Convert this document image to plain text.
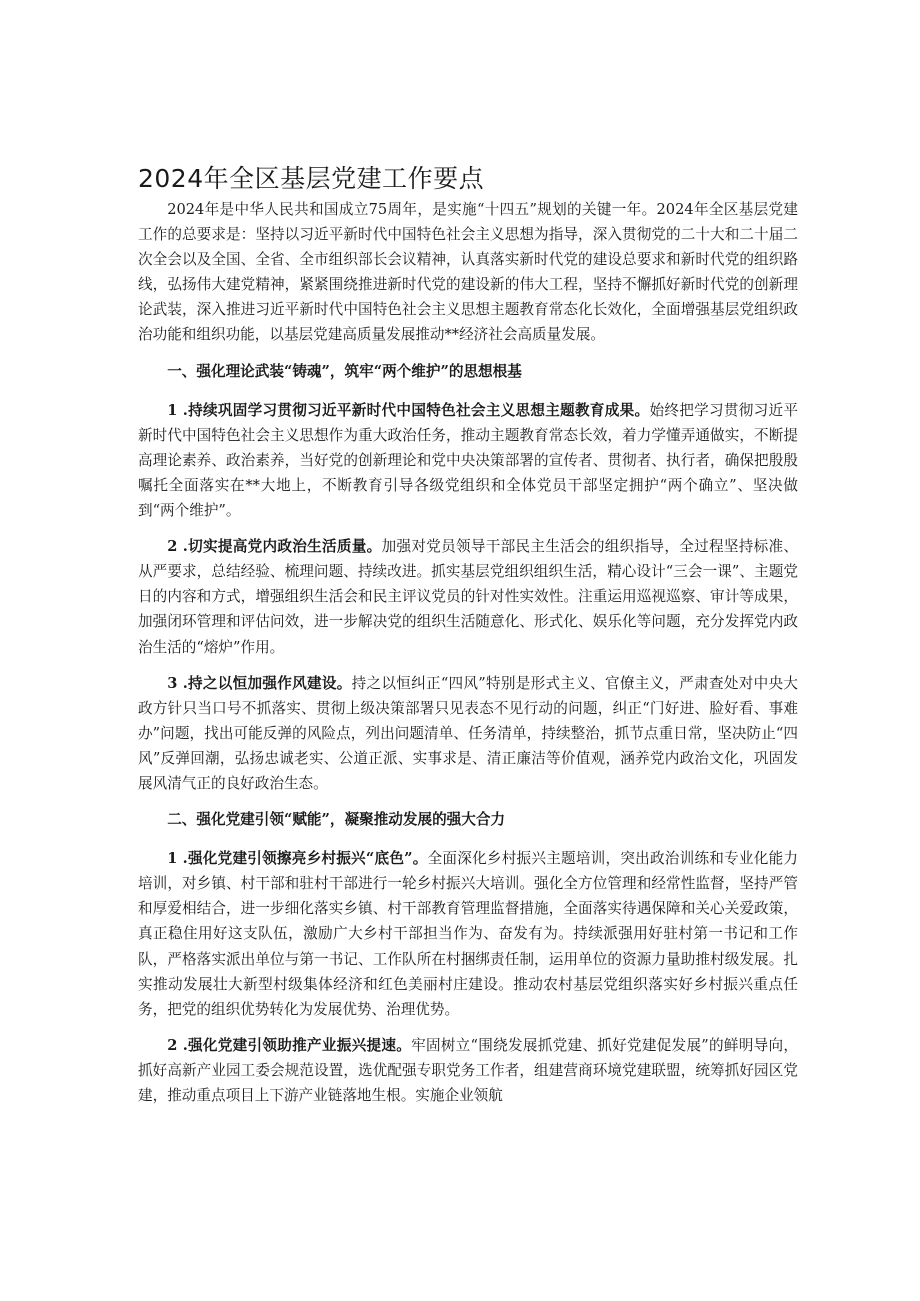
2024年全区基层党建工作要点

2024年是中华人民共和国成立75周年，是实施“十四五”规划的关键一年。2024年全区基层党建工作的总要求是：坚持以习近平新时代中国特色社会主义思想为指导，深入贯彻党的二十大和二十届二次全会以及全国、全省、全市组织部长会议精神，认真落实新时代党的建设总要求和新时代党的组织路线，弘扬伟大建党精神，紧紧围绕推进新时代党的建设新的伟大工程，坚持不懈抓好新时代党的创新理论武装，深入推进习近平新时代中国特色社会主义思想主题教育常态化长效化，全面增强基层党组织政治功能和组织功能，以基层党建高质量发展推动**经济社会高质量发展。

一、强化理论武装“铸魂”，筑牢“两个维护”的思想根基

1 .持续巩固学习贯彻习近平新时代中国特色社会主义思想主题教育成果。始终把学习贯彻习近平新时代中国特色社会主义思想作为重大政治任务，推动主题教育常态长效，着力学懂弄通做实，不断提高理论素养、政治素养，当好党的创新理论和党中央决策部署的宣传者、贯彻者、执行者，确保把殷殷嘱托全面落实在**大地上，不断教育引导各级党组织和全体党员干部坚定拥护“两个确立”、坚决做到“两个维护”。

2 .切实提高党内政治生活质量。加强对党员领导干部民主生活会的组织指导，全过程坚持标准、从严要求，总结经验、梳理问题、持续改进。抓实基层党组织组织生活，精心设计“三会一课”、主题党日的内容和方式，增强组织生活会和民主评议党员的针对性实效性。注重运用巡视巡察、审计等成果，加强闭环管理和评估问效，进一步解决党的组织生活随意化、形式化、娱乐化等问题，充分发挥党内政治生活的“熔炉”作用。

3 .持之以恒加强作风建设。持之以恒纠正“四风”特别是形式主义、官僚主义，严肃查处对中央大政方针只当口号不抓落实、贯彻上级决策部署只见表态不见行动的问题，纠正“门好进、脸好看、事难办”问题，找出可能反弹的风险点，列出问题清单、任务清单，持续整治，抓节点重日常，坚决防止“四风”反弹回潮，弘扬忠诚老实、公道正派、实事求是、清正廉洁等价值观，涵养党内政治文化，巩固发展风清气正的良好政治生态。

二、强化党建引领“赋能”，凝聚推动发展的强大合力

1 .强化党建引领擦亮乡村振兴“底色”。全面深化乡村振兴主题培训，突出政治训练和专业化能力培训，对乡镇、村干部和驻村干部进行一轮乡村振兴大培训。强化全方位管理和经常性监督，坚持严管和厚爱相结合，进一步细化落实乡镇、村干部教育管理监督措施，全面落实待遇保障和关心关爱政策，真正稳住用好这支队伍，激励广大乡村干部担当作为、奋发有为。持续派强用好驻村第一书记和工作队，严格落实派出单位与第一书记、工作队所在村捆绑责任制，运用单位的资源力量助推村级发展。扎实推动发展壮大新型村级集体经济和红色美丽村庄建设。推动农村基层党组织落实好乡村振兴重点任务，把党的组织优势转化为发展优势、治理优势。

2 .强化党建引领助推产业振兴提速。牢固树立“围绕发展抓党建、抓好党建促发展”的鲜明导向，抓好高新产业园工委会规范设置，选优配强专职党务工作者，组建营商环境党建联盟，统筹抓好园区党建，推动重点项目上下游产业链落地生根。实施企业领航
